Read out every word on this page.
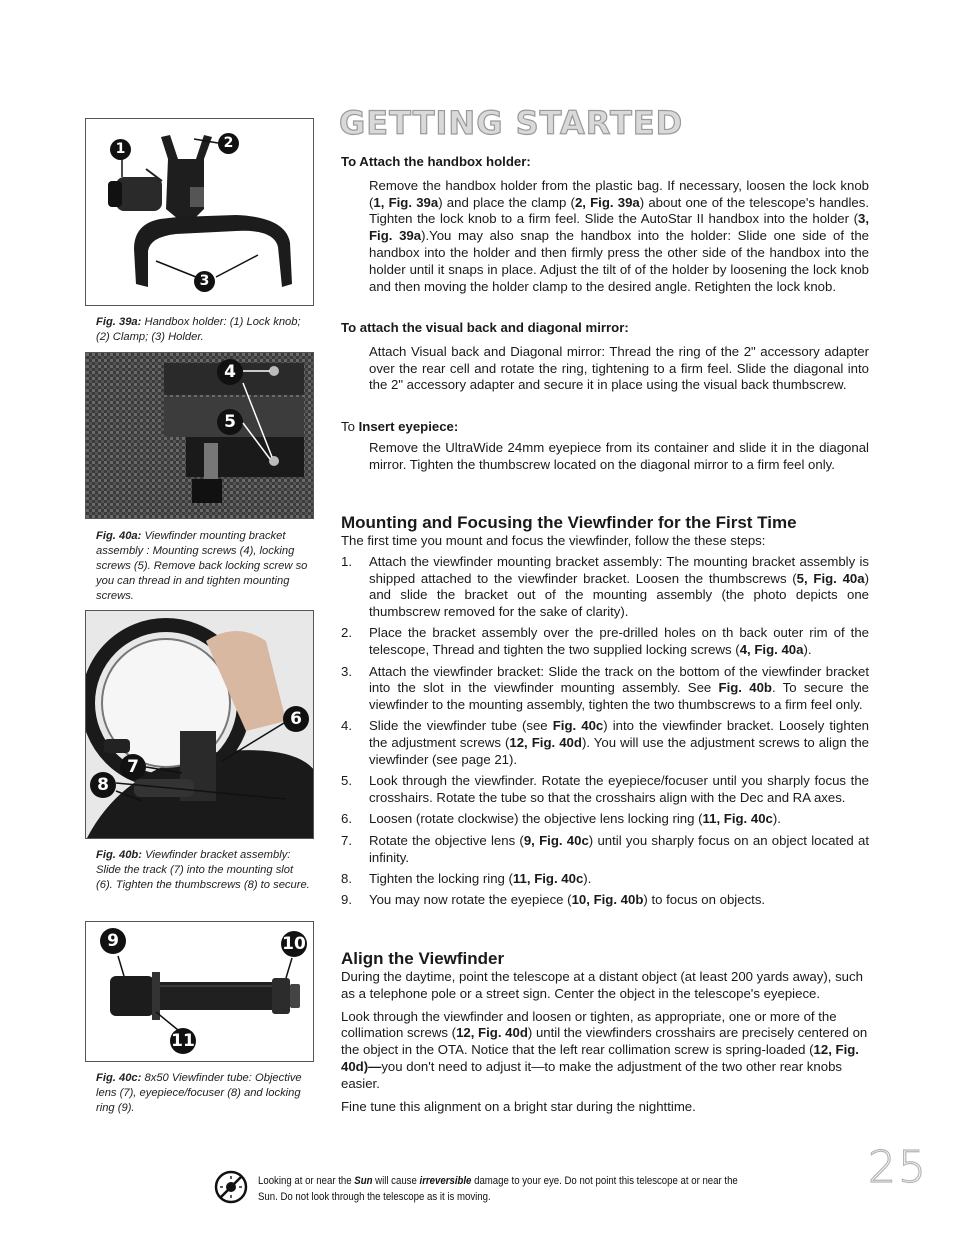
GETTING STARTED
1	2
3
Fig. 39a: Handbox holder: (1) Lock knob; (2) Clamp; (3) Holder.
4
5
Fig. 40a: Viewfinder mounting bracket assembly : Mounting screws (4), locking screws (5). Remove back locking screw so you can thread in and tighten mounting screws.
6
7
8
Fig. 40b: Viewfinder bracket assembly: Slide the track (7) into the mounting slot (6). Tighten the thumbscrews (8) to secure.
9	10
11
Fig. 40c: 8x50 Viewfinder tube: Objective lens (7), eyepiece/focuser (8) and locking ring (9).
To Attach the handbox holder:
Remove the handbox holder from the plastic bag. If necessary, loosen the lock knob (1, Fig. 39a) and place the clamp (2, Fig. 39a) about one of the telescope's handles. Tighten the lock knob to a firm feel. Slide the AutoStar II handbox into the holder (3, Fig. 39a).You may also snap the handbox into the holder: Slide one side of the handbox into the holder and then firmly press the other side of the handbox into the holder until it snaps in place. Adjust the tilt of of the holder by loosening the lock knob and then moving the holder clamp to the desired angle. Retighten the lock knob.
To attach the visual back and diagonal mirror:
Attach Visual back and Diagonal mirror: Thread the ring of the 2" accessory adapter over the rear cell and rotate the ring, tightening to a firm feel. Slide the diagonal into the 2" accessory adapter and secure it in place using the visual back thumbscrew.
To Insert eyepiece:
Remove the UltraWide 24mm eyepiece from its container and slide it in the diagonal mirror. Tighten the thumbscrew located on the diagonal mirror to a firm feel only.
Mounting and Focusing the Viewfinder for the First Time
The first time you mount and focus the viewfinder, follow the these steps:
1. Attach the viewfinder mounting bracket assembly: The mounting bracket assembly is shipped attached to the viewfinder bracket. Loosen the thumbscrews (5, Fig. 40a) and slide the bracket out of the mounting assembly (the photo depicts one thumbscrew removed for the sake of clarity).
2. Place the bracket assembly over the pre-drilled holes on th back outer rim of the telescope, Thread and tighten the two supplied locking screws (4, Fig. 40a).
3. Attach the viewfinder bracket: Slide the track on the bottom of the viewfinder bracket into the slot in the viewfinder mounting assembly. See Fig. 40b. To secure the viewfinder to the mounting assembly, tighten the two thumbscrews to a firm feel only.
4. Slide the viewfinder tube (see Fig. 40c) into the viewfinder bracket. Loosely tighten the adjustment screws (12, Fig. 40d). You will use the adjustment screws to align the viewfinder (see page 21).
5. Look through the viewfinder. Rotate the eyepiece/focuser until you sharply focus the crosshairs. Rotate the tube so that the crosshairs align with the Dec and RA axes.
6. Loosen (rotate clockwise) the objective lens locking ring (11, Fig. 40c).
7. Rotate the objective lens (9, Fig. 40c) until you sharply focus on an object located at infinity.
8. Tighten the locking ring (11, Fig. 40c).
9. You may now rotate the eyepiece (10, Fig. 40b) to focus on objects.
Align the Viewfinder
During the daytime, point the telescope at a distant object (at least 200 yards away), such as a telephone pole or a street sign. Center the object in the telescope's eyepiece.
Look through the viewfinder and loosen or tighten, as appropriate, one or more of the collimation screws (12, Fig. 40d) until the viewfinders crosshairs are precisely centered on the object in the OTA. Notice that the left rear collimation screw is spring-loaded (12, Fig. 40d)—you don't need to adjust it—to make the adjustment of the two other rear knobs easier.
Fine tune this alignment on a bright star during the nighttime.
25
Looking at or near the Sun will cause irreversible damage to your eye. Do not point this telescope at or near the Sun. Do not look through the telescope as it is moving.
